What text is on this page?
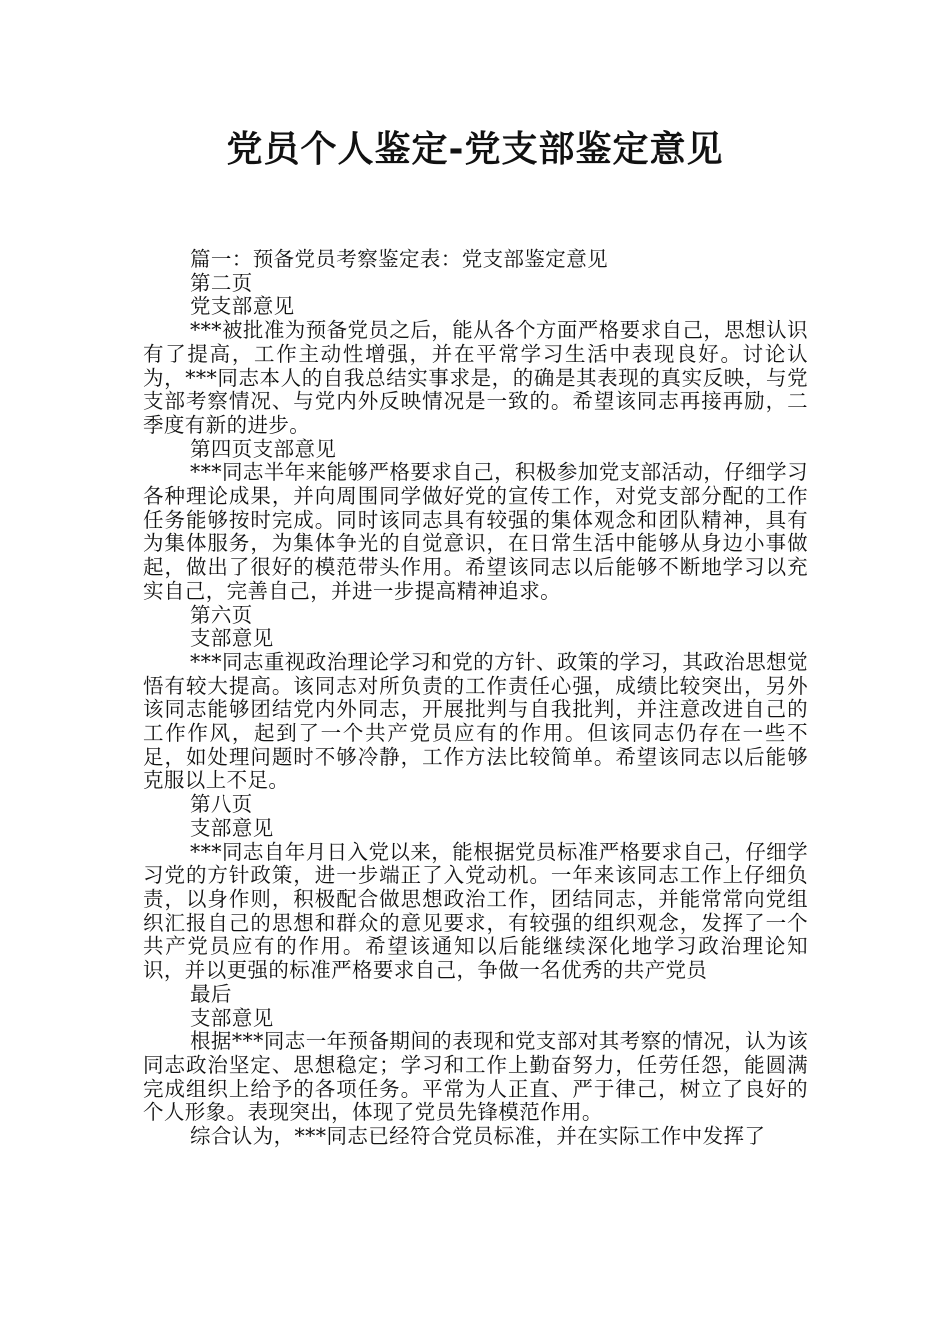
党员个人鉴定-党支部鉴定意见

篇一：预备党员考察鉴定表：党支部鉴定意见

第二页

党支部意见

***被批准为预备党员之后，能从各个方面严格要求自己，思想认识有了提高，工作主动性增强，并在平常学习生活中表现良好。讨论认为，***同志本人的自我总结实事求是，的确是其表现的真实反映，与党支部考察情况、与党内外反映情况是一致的。希望该同志再接再励，二季度有新的进步。

第四页支部意见

***同志半年来能够严格要求自己，积极参加党支部活动，仔细学习各种理论成果，并向周围同学做好党的宣传工作，对党支部分配的工作任务能够按时完成。同时该同志具有较强的集体观念和团队精神，具有为集体服务，为集体争光的自觉意识，在日常生活中能够从身边小事做起，做出了很好的模范带头作用。希望该同志以后能够不断地学习以充实自己，完善自己，并进一步提高精神追求。

第六页

支部意见

***同志重视政治理论学习和党的方针、政策的学习，其政治思想觉悟有较大提高。该同志对所负责的工作责任心强，成绩比较突出，另外该同志能够团结党内外同志，开展批判与自我批判，并注意改进自己的工作作风，起到了一个共产党员应有的作用。但该同志仍存在一些不足，如处理问题时不够冷静，工作方法比较简单。希望该同志以后能够克服以上不足。

第八页

支部意见

***同志自年月日入党以来，能根据党员标准严格要求自己，仔细学习党的方针政策，进一步端正了入党动机。一年来该同志工作上仔细负责，以身作则，积极配合做思想政治工作，团结同志，并能常常向党组织汇报自己的思想和群众的意见要求，有较强的组织观念，发挥了一个共产党员应有的作用。希望该通知以后能继续深化地学习政治理论知识，并以更强的标准严格要求自己，争做一名优秀的共产党员

最后

支部意见

根据***同志一年预备期间的表现和党支部对其考察的情况，认为该同志政治坚定、思想稳定；学习和工作上勤奋努力，任劳任怨，能圆满完成组织上给予的各项任务。平常为人正直、严于律己，树立了良好的个人形象。表现突出，体现了党员先锋模范作用。

综合认为，***同志已经符合党员标准，并在实际工作中发挥了
